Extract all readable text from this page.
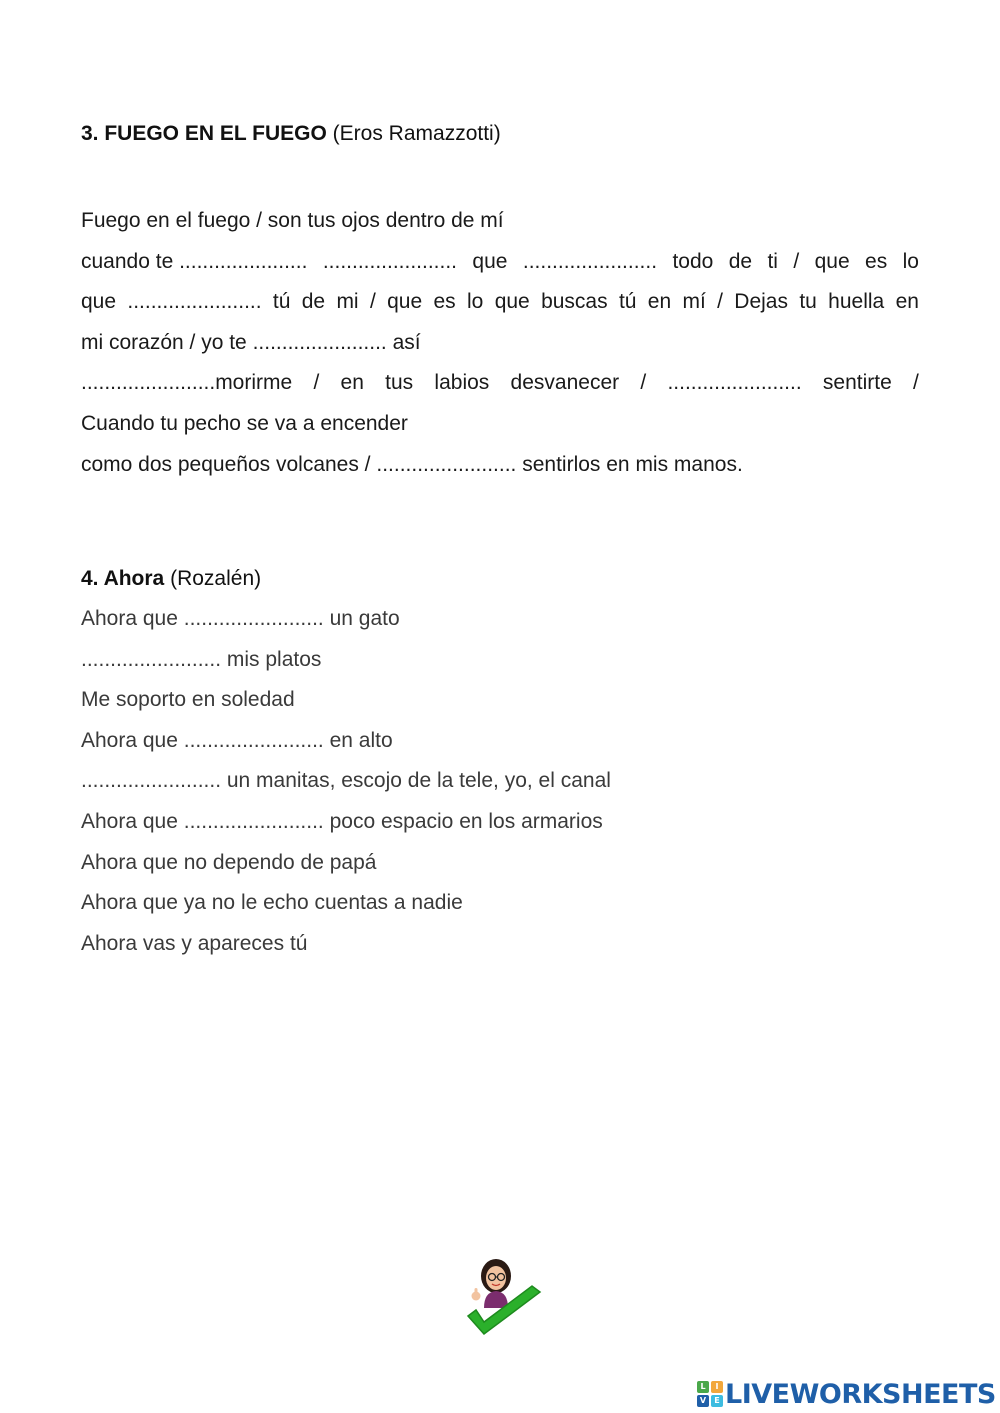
3. FUEGO EN EL FUEGO (Eros Ramazzotti)

Fuego en el fuego / son tus ojos dentro de mí
cuando te ...................... ....................... que ....................... todo de ti / que es lo
que ....................... tú de mi / que es lo que buscas tú en mí / Dejas tu huella en
mi corazón / yo te ....................... así
.......................morirme / en tus labios desvanecer / ....................... sentirte /
Cuando tu pecho se va a encender
como dos pequeños volcanes / ........................ sentirlos en mis manos.

4. Ahora (Rozalén)

Ahora que ........................ un gato
........................ mis platos
Me soporto en soledad
Ahora que ........................ en alto
........................ un manitas, escojo de la tele, yo, el canal
Ahora que ........................ poco espacio en los armarios
Ahora que no dependo de papá
Ahora que ya no le echo cuentas a nadie
Ahora vas y apareces tú
L	I
V	E LIVEWORKSHEETS
